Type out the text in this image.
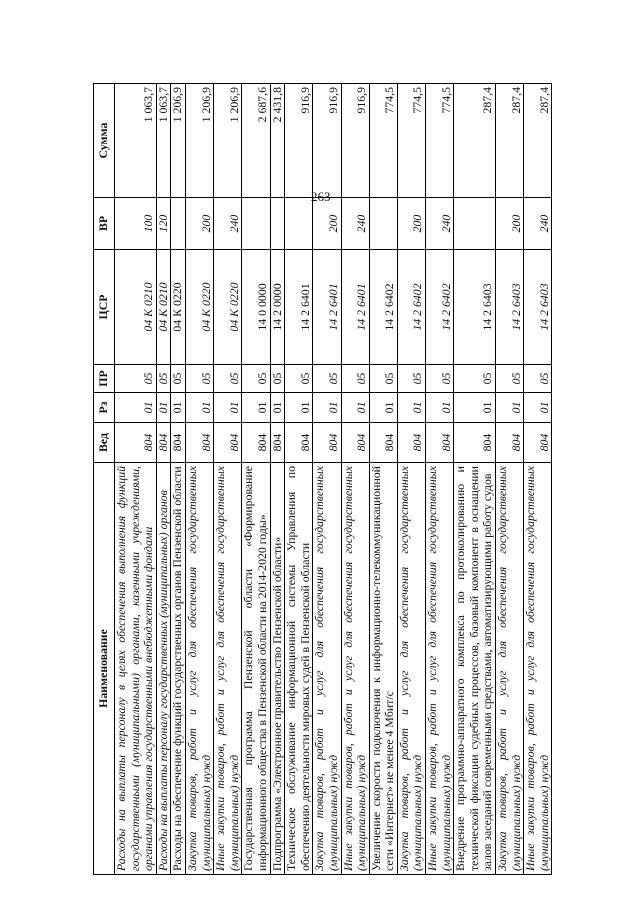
263
Наименование	Вед	Рз	ПР	ЦСР	ВР	Сумма
Расходы на выплаты персоналу в целях обеспечения выполнения функций государственными (муниципальными) органами, казенными учреждениями, органами управления государственными внебюджетными фондами	804	01	05	04 К 0210	100	1 063,7
Расходы на выплаты персоналу государственных (муниципальных) органов	804	01	05	04 К 0210	120	1 063,7
Расходы на обеспечение функций государственных органов Пензенской области	804	01	05	04 К 0220		1 206,9
Закупка товаров, работ и услуг для обеспечения государственных (муниципальных) нужд	804	01	05	04 К 0220	200	1 206,9
Иные закупки товаров, работ и услуг для обеспечения государственных (муниципальных) нужд	804	01	05	04 К 0220	240	1 206,9
Государственная программа Пензенской области «Формирование информационного общества в Пензенской области на 2014-2020 годы»	804	01	05	14 0 0000		2 687,6
Подпрограмма «Электронное правительство Пензенской области»	804	01	05	14 2 0000		2 431,8
Техническое обслуживание информационной системы Управления по обеспечению деятельности мировых судей в Пензенской области	804	01	05	14 2 6401		916,9
Закупка товаров, работ и услуг для обеспечения государственных (муниципальных) нужд	804	01	05	14 2 6401	200	916,9
Иные закупки товаров, работ и услуг для обеспечения государственных (муниципальных) нужд	804	01	05	14 2 6401	240	916,9
Увеличение скорости подключения к информационно-телекоммуникационной сети «Интернет» не менее 4 Мбит/с	804	01	05	14 2 6402		774,5
Закупка товаров, работ и услуг для обеспечения государственных (муниципальных) нужд	804	01	05	14 2 6402	200	774,5
Иные закупки товаров, работ и услуг для обеспечения государственных (муниципальных) нужд	804	01	05	14 2 6402	240	774,5
Внедрение программно-аппаратного комплекса по протоколированию и технической фиксации судебных процессов, базовый компонент в оснащении залов заседаний современными средствами, автоматизирующими работу судов	804	01	05	14 2 6403		287,4
Закупка товаров, работ и услуг для обеспечения государственных (муниципальных) нужд	804	01	05	14 2 6403	200	287,4
Иные закупки товаров, работ и услуг для обеспечения государственных (муниципальных) нужд	804	01	05	14 2 6403	240	287,4
